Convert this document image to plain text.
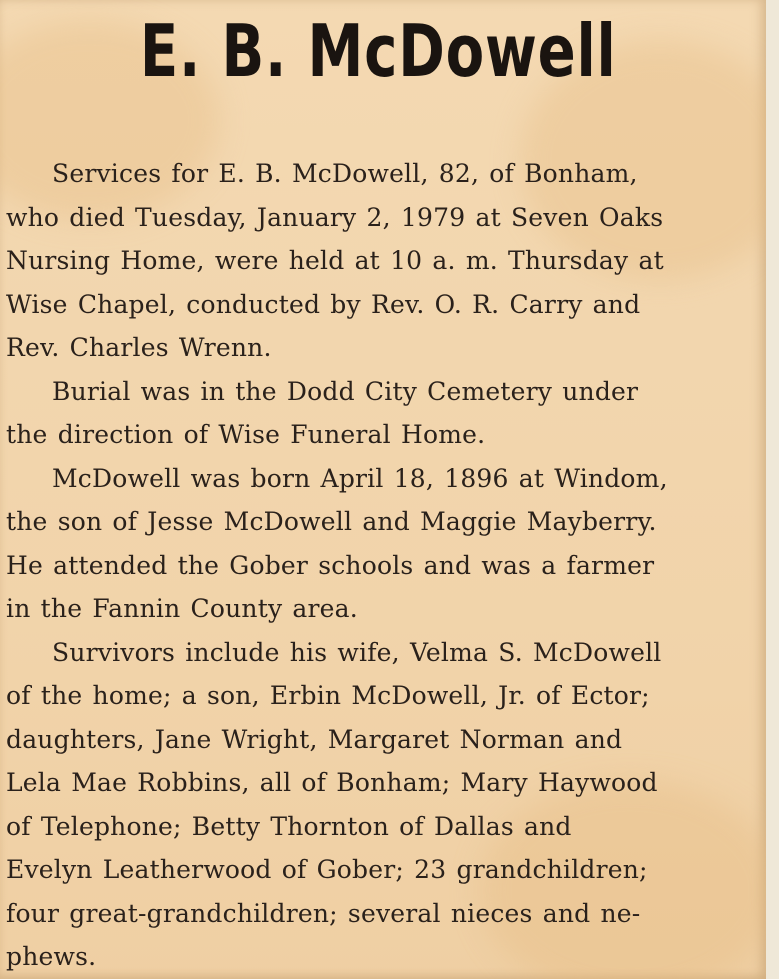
E. B. McDowell

Services for E. B. McDowell, 82, of Bonham,
who died Tuesday, January 2, 1979 at Seven Oaks
Nursing Home, were held at 10 a. m. Thursday at
Wise Chapel, conducted by Rev. O. R. Carry and
Rev. Charles Wrenn.

Burial was in the Dodd City Cemetery under
the direction of Wise Funeral Home.

McDowell was born April 18, 1896 at Windom,
the son of Jesse McDowell and Maggie Mayberry.
He attended the Gober schools and was a farmer
in the Fannin County area.

Survivors include his wife, Velma S. McDowell
of the home; a son, Erbin McDowell, Jr. of Ector;
daughters, Jane Wright, Margaret Norman and
Lela Mae Robbins, all of Bonham; Mary Haywood
of Telephone; Betty Thornton of Dallas and
Evelyn Leatherwood of Gober; 23 grandchildren;
four great-grandchildren; several nieces and ne-
phews.
